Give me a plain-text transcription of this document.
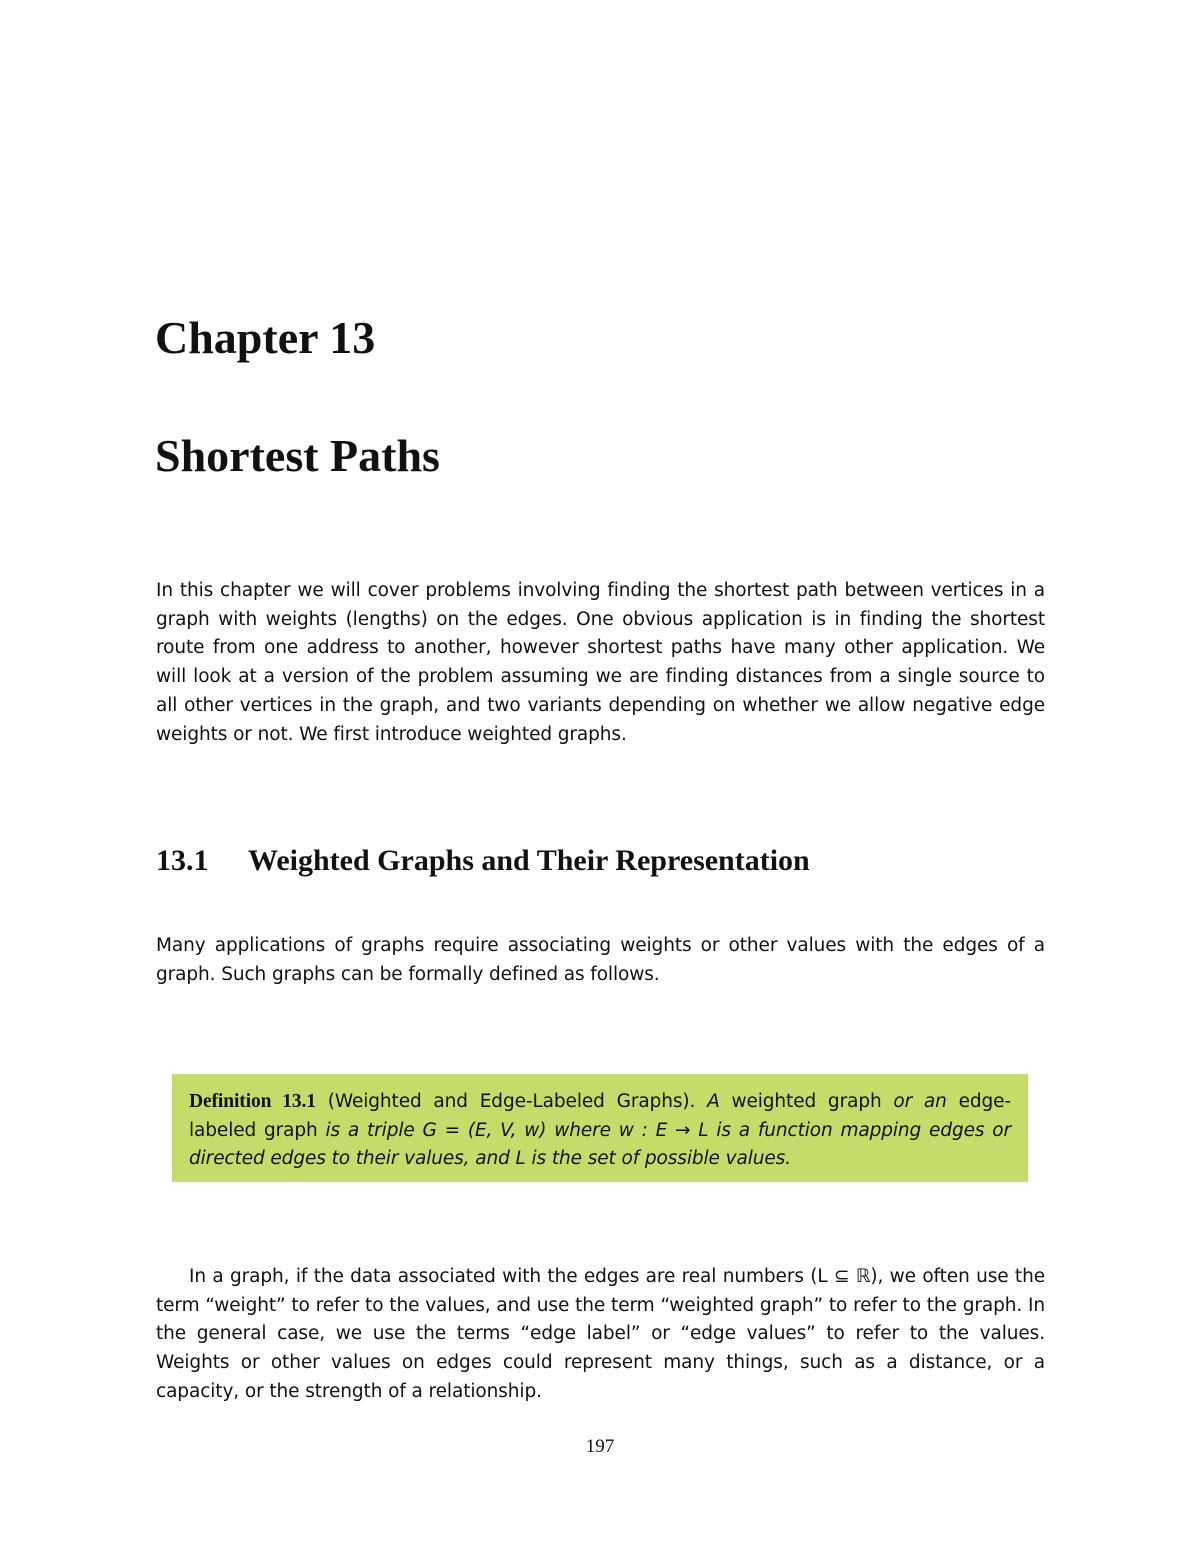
Chapter 13
Shortest Paths

In this chapter we will cover problems involving finding the shortest path between vertices in a graph with weights (lengths) on the edges. One obvious application is in finding the shortest route from one address to another, however shortest paths have many other application. We will look at a version of the problem assuming we are finding distances from a single source to all other vertices in the graph, and two variants depending on whether we allow negative edge weights or not. We first introduce weighted graphs.

13.1 Weighted Graphs and Their Representation

Many applications of graphs require associating weights or other values with the edges of a graph. Such graphs can be formally defined as follows.

Definition 13.1 (Weighted and Edge-Labeled Graphs). A weighted graph or an edge-labeled graph is a triple G = (E, V, w) where w : E → L is a function mapping edges or directed edges to their values, and L is the set of possible values.

In a graph, if the data associated with the edges are real numbers (L ⊆ ℝ), we often use the term “weight” to refer to the values, and use the term “weighted graph” to refer to the graph. In the general case, we use the terms “edge label” or “edge values” to refer to the values. Weights or other values on edges could represent many things, such as a distance, or a capacity, or the strength of a relationship.

197
